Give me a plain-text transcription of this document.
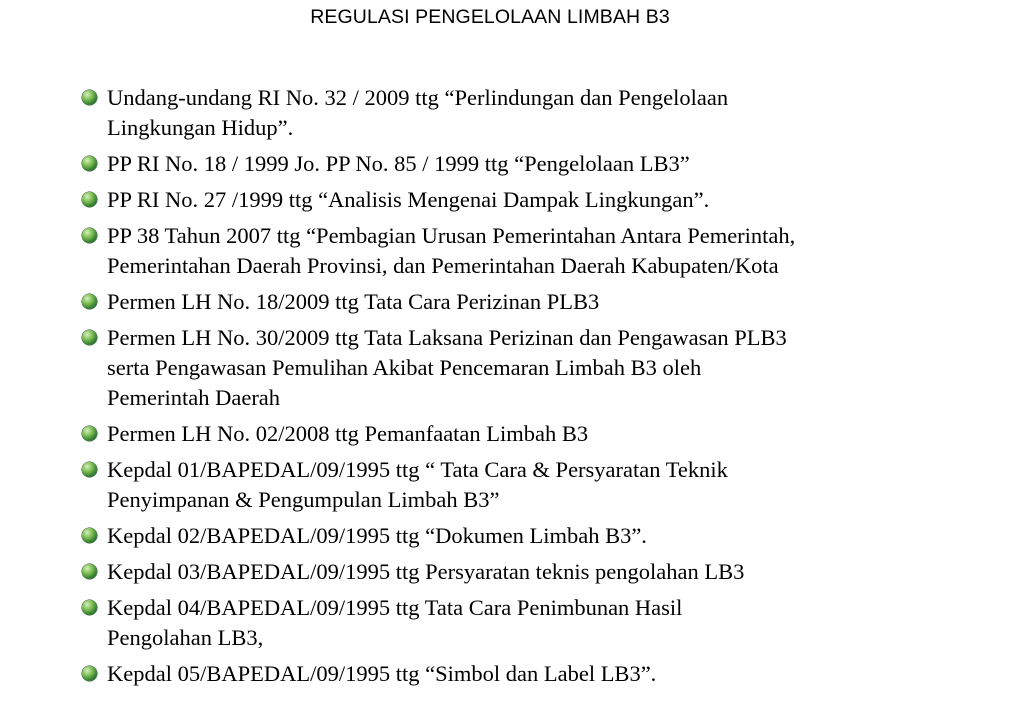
REGULASI PENGELOLAAN LIMBAH B3
Undang-undang RI No. 32 / 2009 ttg “Perlindungan dan Pengelolaan
Lingkungan Hidup”.
PP RI No. 18 / 1999 Jo. PP No. 85 / 1999 ttg “Pengelolaan LB3”
PP RI No. 27 /1999 ttg “Analisis Mengenai Dampak Lingkungan”.
PP 38 Tahun 2007 ttg “Pembagian Urusan Pemerintahan Antara Pemerintah,
Pemerintahan Daerah Provinsi, dan Pemerintahan Daerah Kabupaten/Kota
Permen LH No. 18/2009 ttg Tata Cara Perizinan PLB3
Permen LH No. 30/2009 ttg Tata Laksana Perizinan dan Pengawasan PLB3
serta Pengawasan Pemulihan Akibat Pencemaran Limbah B3 oleh
Pemerintah Daerah
Permen LH No. 02/2008 ttg Pemanfaatan Limbah B3
Kepdal 01/BAPEDAL/09/1995 ttg “ Tata Cara & Persyaratan Teknik
Penyimpanan & Pengumpulan Limbah B3”
Kepdal 02/BAPEDAL/09/1995 ttg “Dokumen Limbah B3”.
Kepdal 03/BAPEDAL/09/1995 ttg Persyaratan teknis pengolahan LB3
Kepdal 04/BAPEDAL/09/1995 ttg Tata Cara Penimbunan Hasil
Pengolahan LB3,
Kepdal 05/BAPEDAL/09/1995 ttg “Simbol dan Label LB3”.
